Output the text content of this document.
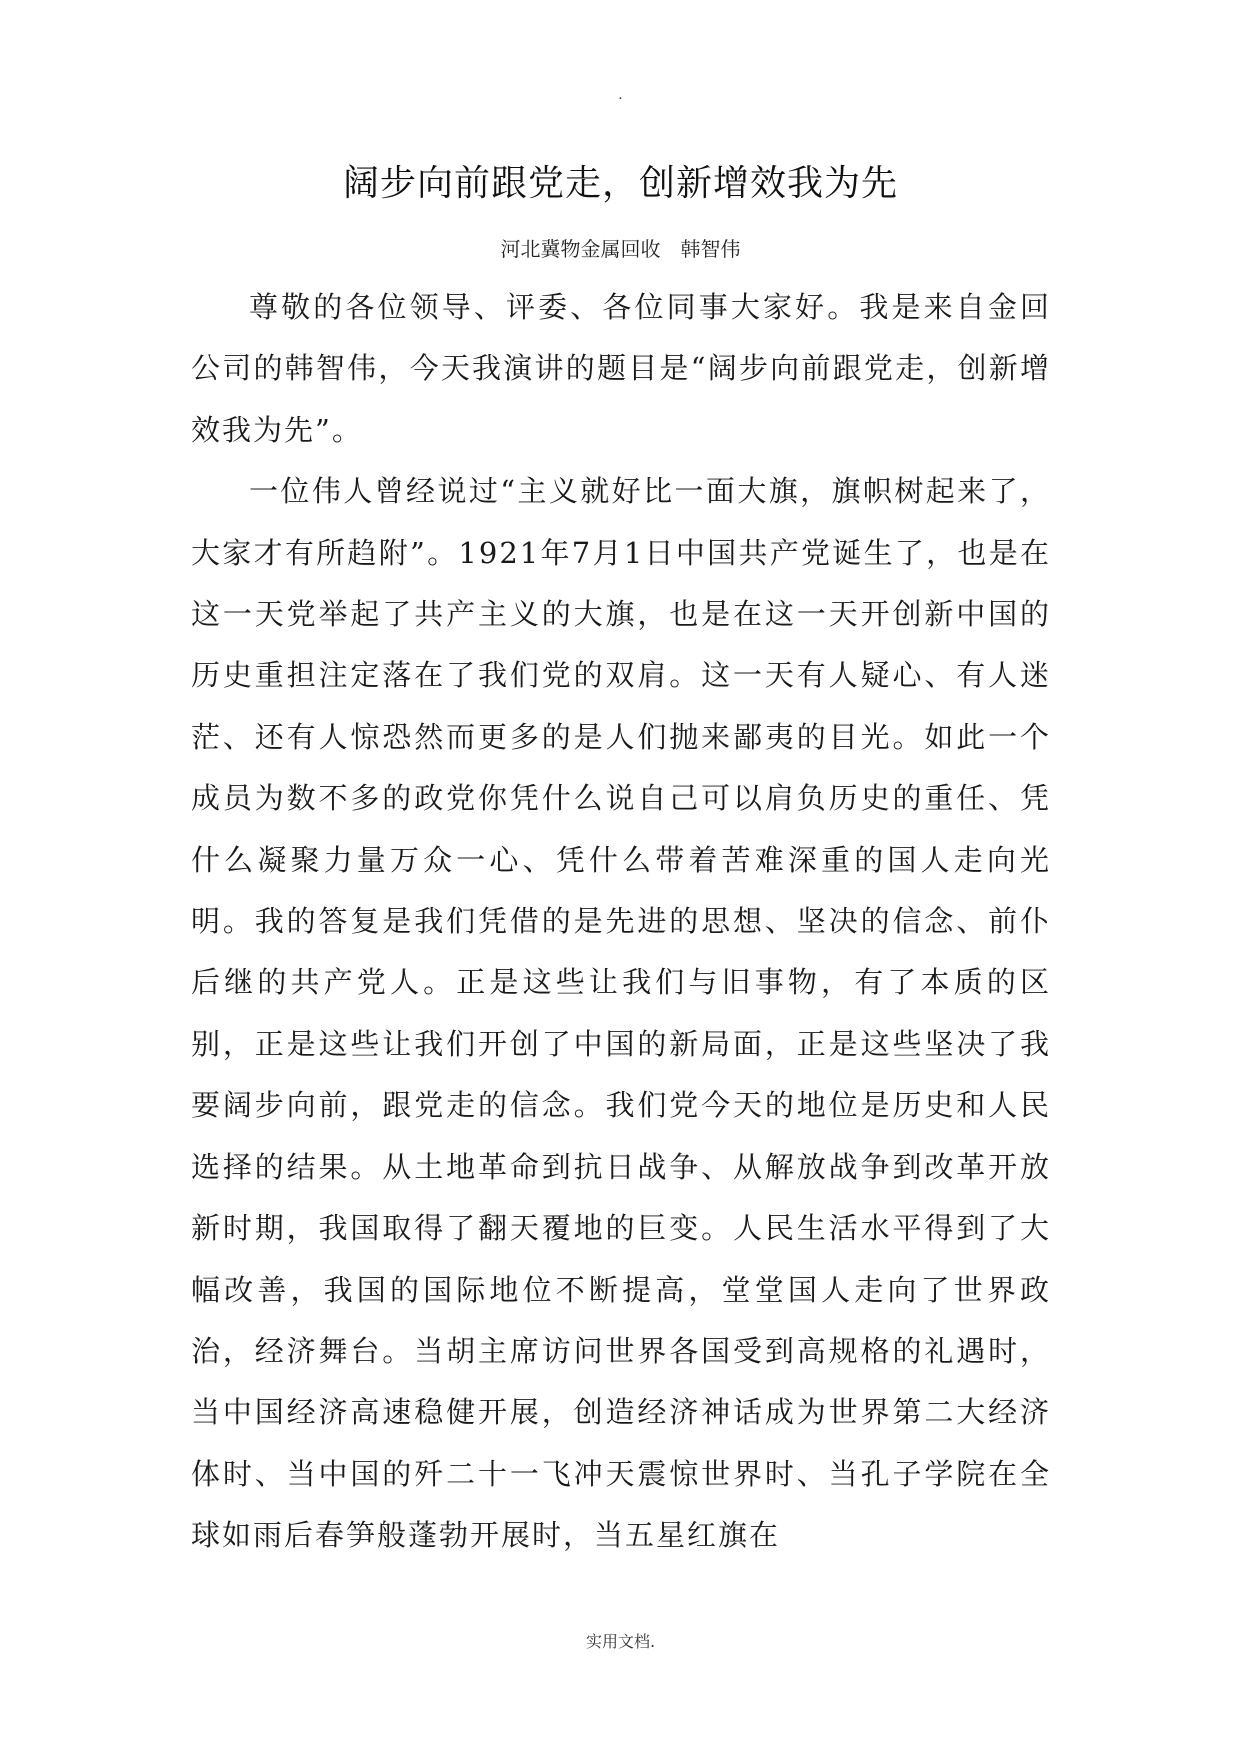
.
阔步向前跟党走，创新增效我为先
河北冀物金属回收　韩智伟

尊敬的各位领导、评委、各位同事大家好。我是来自金回公司的韩智伟，今天我演讲的题目是“阔步向前跟党走，创新增效我为先”。

一位伟人曾经说过“主义就好比一面大旗，旗帜树起来了，大家才有所趋附”。1921年7月1日中国共产党诞生了，也是在这一天党举起了共产主义的大旗，也是在这一天开创新中国的历史重担注定落在了我们党的双肩。这一天有人疑心、有人迷茫、还有人惊恐然而更多的是人们抛来鄙夷的目光。如此一个成员为数不多的政党你凭什么说自己可以肩负历史的重任、凭什么凝聚力量万众一心、凭什么带着苦难深重的国人走向光明。我的答复是我们凭借的是先进的思想、坚决的信念、前仆后继的共产党人。正是这些让我们与旧事物，有了本质的区别，正是这些让我们开创了中国的新局面，正是这些坚决了我要阔步向前，跟党走的信念。我们党今天的地位是历史和人民选择的结果。从土地革命到抗日战争、从解放战争到改革开放新时期，我国取得了翻天覆地的巨变。人民生活水平得到了大幅改善，我国的国际地位不断提高，堂堂国人走向了世界政治，经济舞台。当胡主席访问世界各国受到高规格的礼遇时，当中国经济高速稳健开展，创造经济神话成为世界第二大经济体时、当中国的歼二十一飞冲天震惊世界时、当孔子学院在全球如雨后春笋般蓬勃开展时，当五星红旗在

实用文档.
